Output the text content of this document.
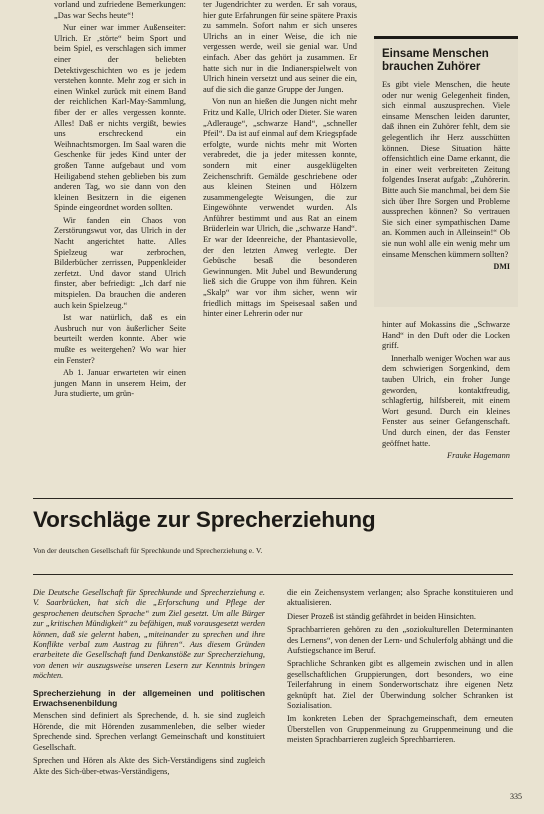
vorland und zufriedene Bemerkungen: „Das war Sechs heute“!

Nur einer war immer Außenseiter: Ulrich. Er ‚störte“ beim Sport und beim Spiel, es verschlagen sich immer einer der beliebten Detektivgeschichten wo es je jedem verstehen konnte. Mehr zog er sich in einen Winkel zurück mit einem Band der reichlichen Karl-May-Sammlung, fiber der er alles vergessen konnte. Alles! Daß er nichts vergißt, bewies uns erschreckend ein Weihnachtsmorgen. Im Saal waren die Geschenke für jedes Kind unter der großen Tanne aufgebaut und vom Heiligabend stehen geblieben bis zum anderen Tag, wo sie dann von den kleinen Besitzern in die eigenen Spinde eingeordnet worden sollten.

Wir fanden ein Chaos von Zerstörungswut vor, das Ulrich in der Nacht angerichtet hatte. Alles Spielzeug war zerbrochen, Bilderbücher zerrissen, Puppenkleider zerfetzt. Und davor stand Ulrich finster, aber befriedigt: „Ich darf nie mitspielen. Da brauchen die anderen auch kein Spielzeug.“

Ist war natürlich, daß es ein Ausbruch nur von äußerlicher Seite beurteilt werden konnte. Aber wie mußte es weitergehen? Wo war hier ein Fenster?

Ab 1. Januar erwarteten wir einen jungen Mann in unserem Heim, der Jura studierte, um grün-

ter Jugendrichter zu werden. Er sah voraus, hier gute Erfahrungen für seine spätere Praxis zu sammeln. Sofort nahm er sich unseres Ulrichs an in einer Weise, die ich nie vergessen werde, weil sie genial war. Und einfach. Aber das gehört ja zusammen. Er hatte sich nur in die Indianerspielwelt von Ulrich hinein versetzt und aus seiner die ein, auf die sich die ganze Gruppe der Jungen.

Von nun an hießen die Jungen nicht mehr Fritz und Kalle, Ulrich oder Dieter. Sie waren „Adlerauge“, „schwarze Hand“, „schneller Pfeil“. Da ist auf einmal auf dem Kriegspfade erfolgte, wurde nichts mehr mit Worten verabredet, die ja jeder mitessen konnte, sondern mit einer ausgeklügelten Zeichenschrift. Gemälde geschriebene oder aus kleinen Steinen und Hölzern zusammengelegte Weisungen, die zur Eingewöhnte verwendet wurden. Als Anführer bestimmt und aus Rat an einem Brüderlein war Ulrich, die „schwarze Hand“. Er war der Ideenreiche, der Phantasievolle, der den letzten Anweg verlegte. Der Gebüsche besaß die besonderen Gewinnungen. Mit Jubel und Bewunderung ließ sich die Gruppe von ihm führen. Kein „Skalp“ war vor ihm sicher, wenn wir friedlich mittags im Speisesaal saßen und hinter einer Lehrerin oder nur

Einsame Menschen brauchen Zuhörer

Es gibt viele Menschen, die heute oder nur wenig Gelegenheit finden, sich einmal auszusprechen. Viele einsame Menschen leiden darunter, daß ihnen ein Zuhörer fehlt, dem sie gelegentlich ihr Herz ausschütten können. Diese Situation hätte offensichtlich eine Dame erkannt, die in einer weit verbreiteten Zeitung folgendes Inserat aufgab: „Zuhörerin. Bitte auch Sie manchmal, bei dem Sie sich über Ihre Sorgen und Probleme aussprechen können? So vertrauen Sie sich einer sympathischen Dame an. Kommen auch in Alleinsein!“ Ob sie nun wohl alle ein wenig mehr um einsame Menschen kümmern sollten?

DMI

hinter auf Mokassins die „Schwarze Hand“ in den Duft oder die Locken griff.

Innerhalb weniger Wochen war aus dem schwierigen Sorgenkind, dem tauben Ulrich, ein froher Junge geworden, kontaktfreudig, schlagfertig, hilfsbereit, mit einem Wort gesund. Durch ein kleines Fenster aus seiner Gefangenschaft. Und durch einen, der das Fenster geöffnet hatte.

Frauke Hagemann
Vorschläge zur Sprecherziehung
Von der deutschen Gesellschaft für Sprechkunde und Sprecherziehung e. V.

Die Deutsche Gesellschaft für Sprechkunde und Sprecherziehung e. V. Saarbrücken, hat sich die „Erforschung und Pflege der gesprochenen deutschen Sprache“ zum Ziel gesetzt. Um alle Bürger zur „kritischen Mündigkeit“ zu befähigen, muß vorausgesetzt werden können, daß sie gelernt haben, „miteinander zu sprechen und ihre Konflikte verbal zum Austrag zu führen“. Aus diesem Gründen erarbeitete die Gesellschaft fund Denkanstöße zur Sprecherziehung, von denen wir auszugsweise unseren Lesern zur Kenntnis bringen möchten.

Sprecherziehung in der allgemeinen und politischen Erwachsenenbildung

Menschen sind definiert als Sprechende, d. h. sie sind zugleich Hörende, die mit Hörenden zusammenleben, die selber wieder Sprechende sind. Sprechen verlangt Gemeinschaft und konstituiert Gesellschaft.

Sprechen und Hören als Akte des Sich-Verständigens sind zugleich Akte des Sich-über-etwas-Verständigens,

die ein Zeichensystem verlangen; also Sprache konstituieren und aktualisieren.

Dieser Prozeß ist ständig gefährdet in beiden Hinsichten.

Sprachbarrieren gehören zu den „soziokulturellen Determinanten des Lernens“, von denen der Lern- und Schulerfolg abhängt und die Aufstiegschance im Beruf.

Sprachliche Schranken gibt es allgemein zwischen und in allen gesellschaftlichen Gruppierungen, dort besonders, wo eine Teilerfahrung in einem Sonderwortschatz ihre eigenen Netz geknüpft hat. Ziel der Überwindung solcher Schranken ist Sozialisation.

Im konkreten Leben der Sprachgemeinschaft, dem erneuten Überstellen von Gruppenmeinung zu Gruppenmeinung und die meisten Sprachbarrieren zugleich Sprechbarrieren.

335
